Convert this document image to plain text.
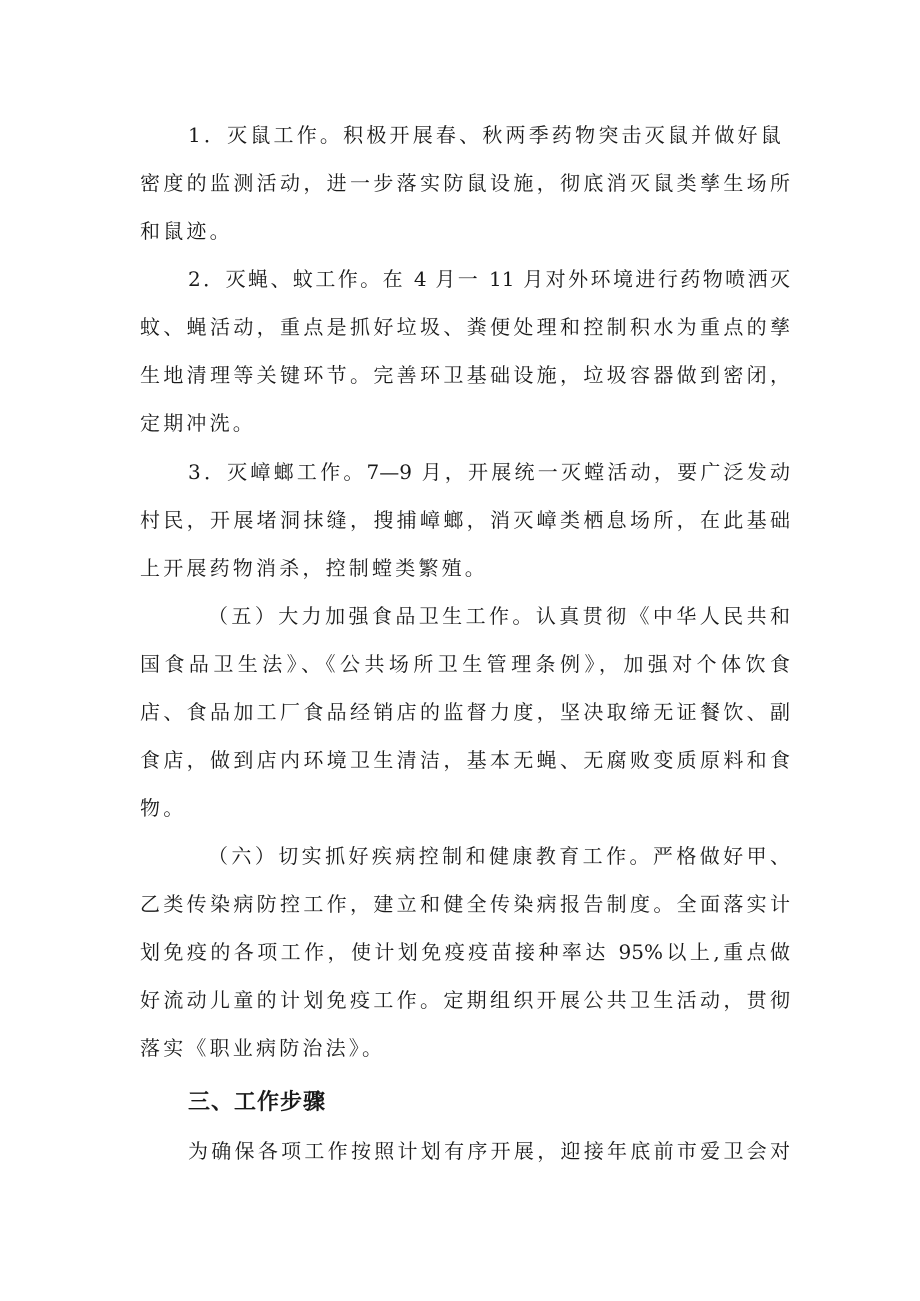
1．灭鼠工作。积极开展春、秋两季药物突击灭鼠并做好鼠
密度的监测活动，进一步落实防鼠设施，彻底消灭鼠类孳生场所
和鼠迹。
2．灭蝇、蚊工作。在 4 月一 11 月对外环境进行药物喷洒灭
蚊、蝇活动，重点是抓好垃圾、粪便处理和控制积水为重点的孳
生地清理等关键环节。完善环卫基础设施，垃圾容器做到密闭，
定期冲洗。
3．灭嶂螂工作。7—9 月，开展统一灭螳活动，要广泛发动
村民，开展堵洞抹缝，搜捕嶂螂，消灭嶂类栖息场所，在此基础
上开展药物消杀，控制螳类繁殖。
（五）大力加强食品卫生工作。认真贯彻《中华人民共和
国食品卫生法》、《公共场所卫生管理条例》，加强对个体饮食
店、食品加工厂食品经销店的监督力度，坚决取缔无证餐饮、副
食店，做到店内环境卫生清洁，基本无蝇、无腐败变质原料和食
物。
（六）切实抓好疾病控制和健康教育工作。严格做好甲、
乙类传染病防控工作，建立和健全传染病报告制度。全面落实计
划免疫的各项工作，使计划免疫疫苗接种率达 95%以上,重点做
好流动儿童的计划免疫工作。定期组织开展公共卫生活动，贯彻
落实《职业病防治法》。
三、工作步骤
为确保各项工作按照计划有序开展，迎接年底前市爱卫会对
